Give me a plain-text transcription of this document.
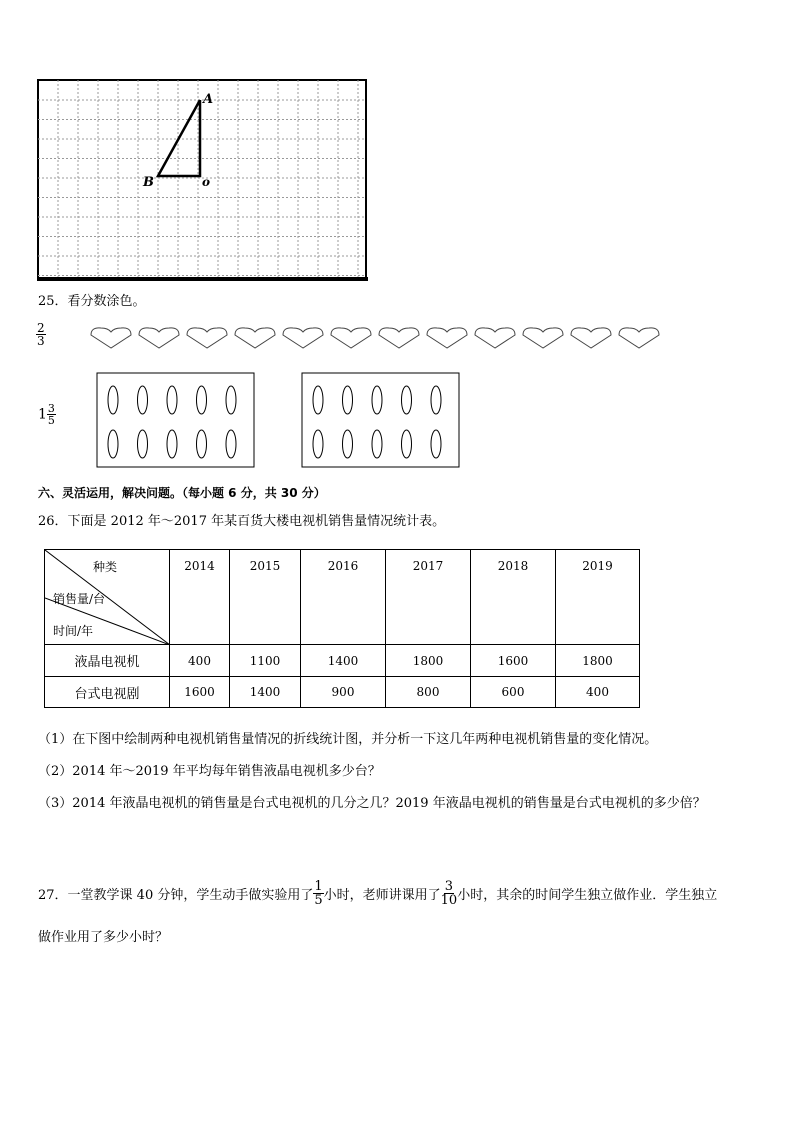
A
B	o
25．看分数涂色。
$\frac{2}{3}$
$1 \frac{3}{5}$
六、灵活运用，解决问题。（每小题 6 分，共 30 分）
26．下面是 2012 年～2017 年某百货大楼电视机销售量情况统计表。
种类
销售量/台
时间/年	2014	2015	2016	2017	2018	2019
液晶电视机	400	1100	1400	1800	1600	1800
台式电视剧	1600	1400	900	800	600	400
（1）在下图中绘制两种电视机销售量情况的折线统计图，并分析一下这几年两种电视机销售量的变化情况。
（2）2014 年～2019 年平均每年销售液晶电视机多少台？
（3）2014 年液晶电视机的销售量是台式电视机的几分之几？2019 年液晶电视机的销售量是台式电视机的多少倍？
27．一堂教学课 40 分钟，学生动手做实验用了 $\frac{1}{5}$ 小时，老师讲课用了 $\frac{3}{10}$ 小时，其余的时间学生独立做作业．学生独立
做作业用了多少小时？
